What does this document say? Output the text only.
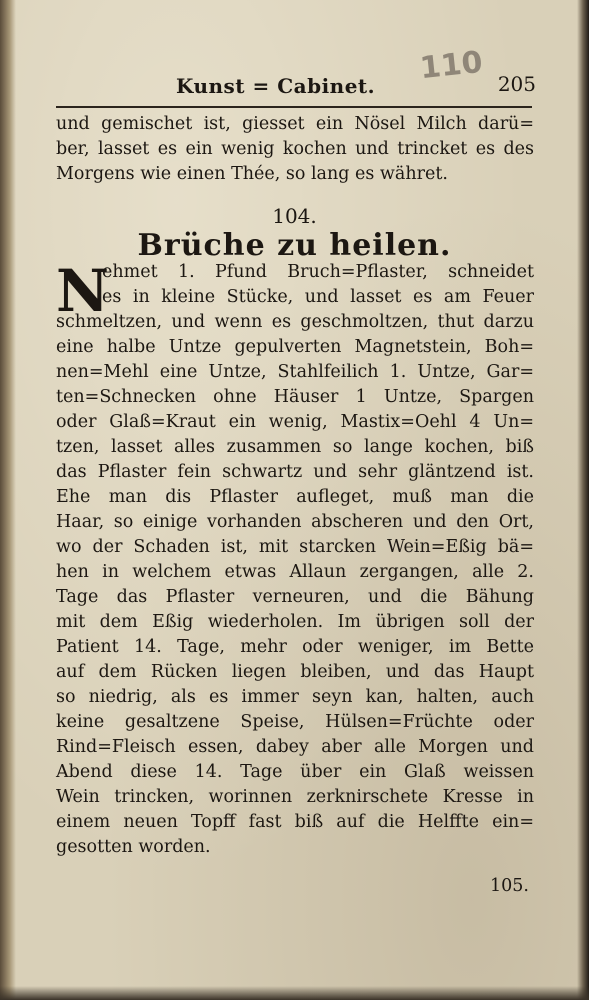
Kunst = Cabinet. 110 205
und gemischet ist, giesset ein Nösel Milch darü=
ber, lasset es ein wenig kochen und trincket es des
Morgens wie einen Thée, so lang es währet.
104.
Brüche zu heilen.
N
ehmet 1. Pfund Bruch=Pflaster, schneidet
es in kleine Stücke, und lasset es am Feuer
schmeltzen, und wenn es geschmoltzen, thut darzu
eine halbe Untze gepulverten Magnetstein, Boh=
nen=Mehl eine Untze, Stahlfeilich 1. Untze, Gar=
ten=Schnecken ohne Häuser 1 Untze, Spargen
oder Glaß=Kraut ein wenig, Mastix=Oehl 4 Un=
tzen, lasset alles zusammen so lange kochen, biß
das Pflaster fein schwartz und sehr gläntzend ist.
Ehe man dis Pflaster aufleget, muß man die
Haar, so einige vorhanden abscheren und den Ort,
wo der Schaden ist, mit starcken Wein=Eßig bä=
hen in welchem etwas Allaun zergangen, alle 2.
Tage das Pflaster verneuren, und die Bähung
mit dem Eßig wiederholen. Im übrigen soll der
Patient 14. Tage, mehr oder weniger, im Bette
auf dem Rücken liegen bleiben, und das Haupt
so niedrig, als es immer seyn kan, halten, auch
keine gesaltzene Speise, Hülsen=Früchte oder
Rind=Fleisch essen, dabey aber alle Morgen und
Abend diese 14. Tage über ein Glaß weissen
Wein trincken, worinnen zerknirschete Kresse in
einem neuen Topff fast biß auf die Helffte ein=
gesotten worden.
105.
